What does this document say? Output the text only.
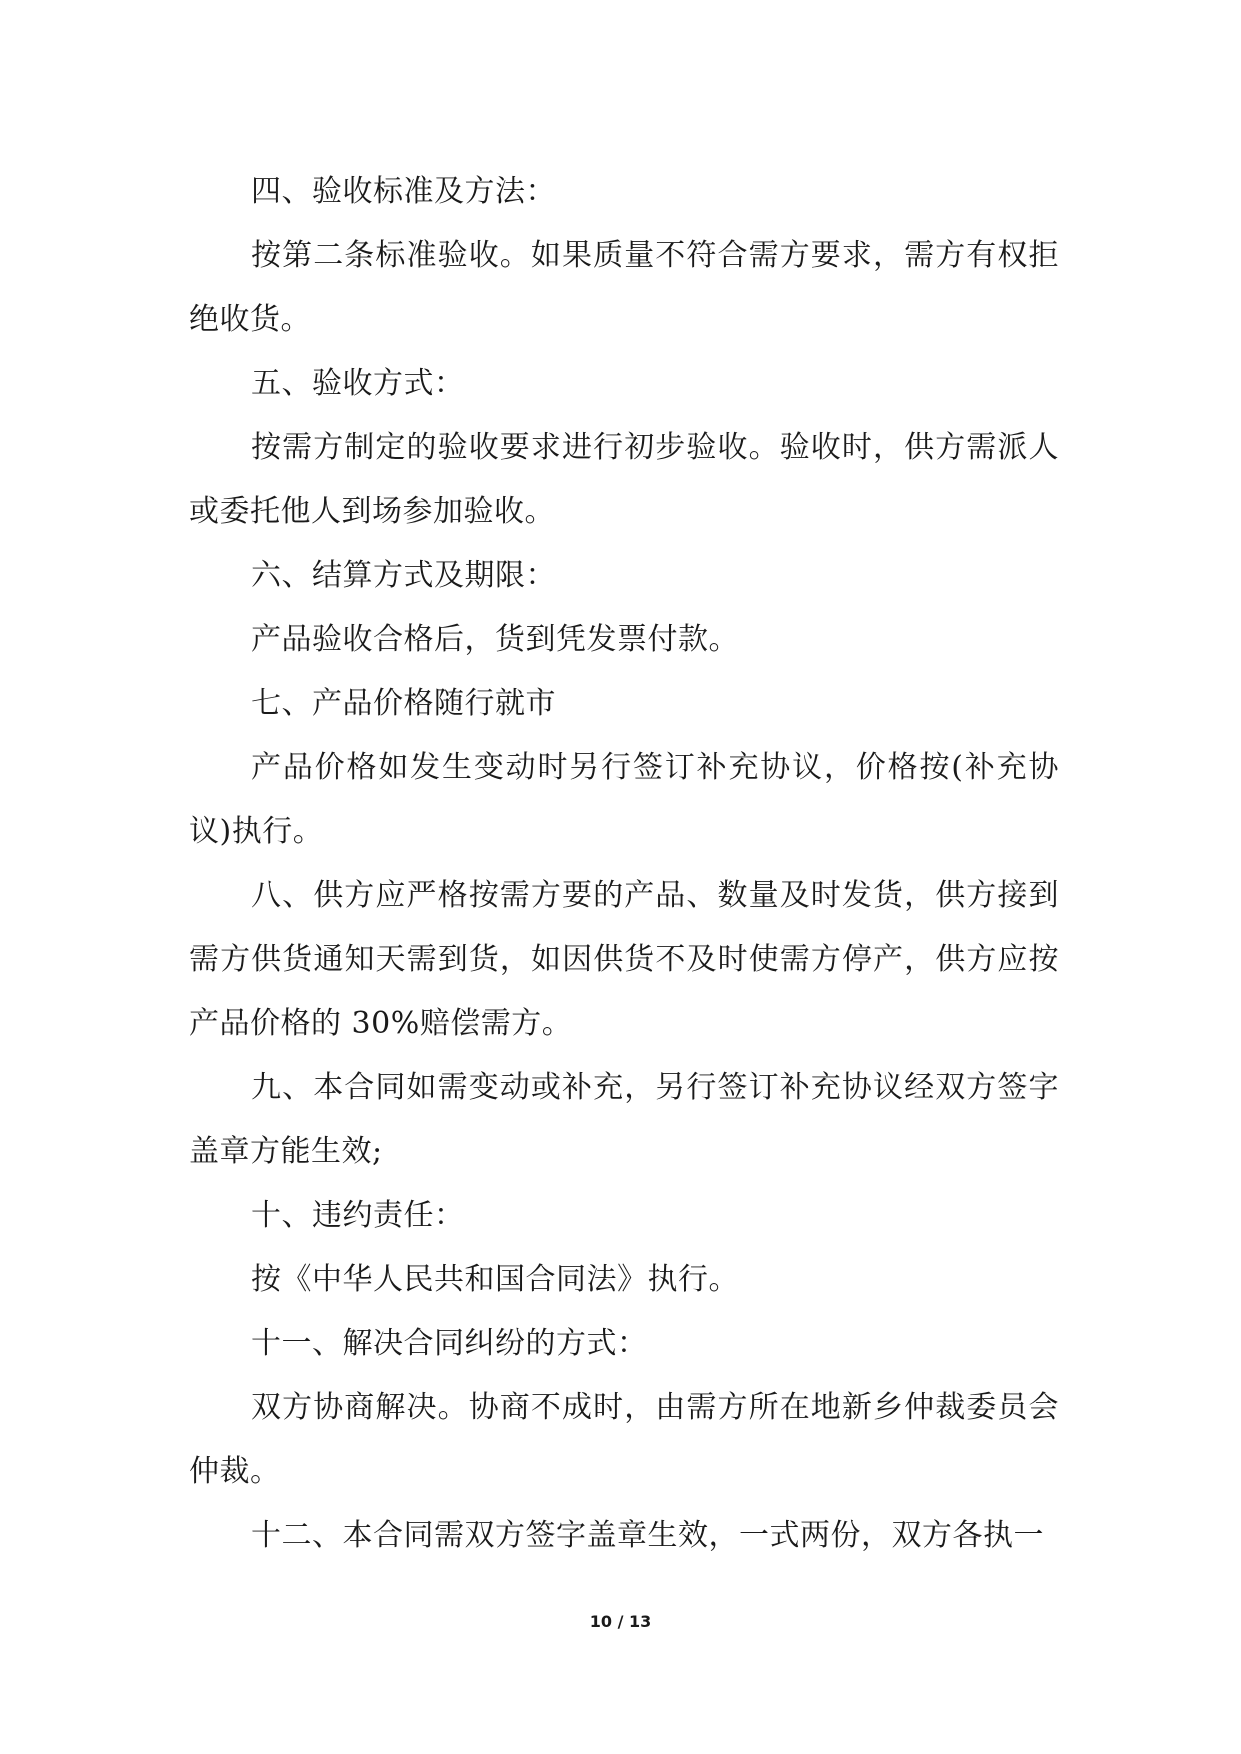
四、验收标准及方法：

按第二条标准验收。如果质量不符合需方要求，需方有权拒绝收货。

五、验收方式：

按需方制定的验收要求进行初步验收。验收时，供方需派人或委托他人到场参加验收。

六、结算方式及期限：

产品验收合格后，货到凭发票付款。

七、产品价格随行就市

产品价格如发生变动时另行签订补充协议，价格按(补充协议)执行。

八、供方应严格按需方要的产品、数量及时发货，供方接到需方供货通知天需到货，如因供货不及时使需方停产，供方应按产品价格的 30%赔偿需方。

九、本合同如需变动或补充，另行签订补充协议经双方签字盖章方能生效;

十、违约责任：

按《中华人民共和国合同法》执行。

十一、解决合同纠纷的方式：

双方协商解决。协商不成时，由需方所在地新乡仲裁委员会仲裁。

十二、本合同需双方签字盖章生效，一式两份，双方各执一

10 / 13
